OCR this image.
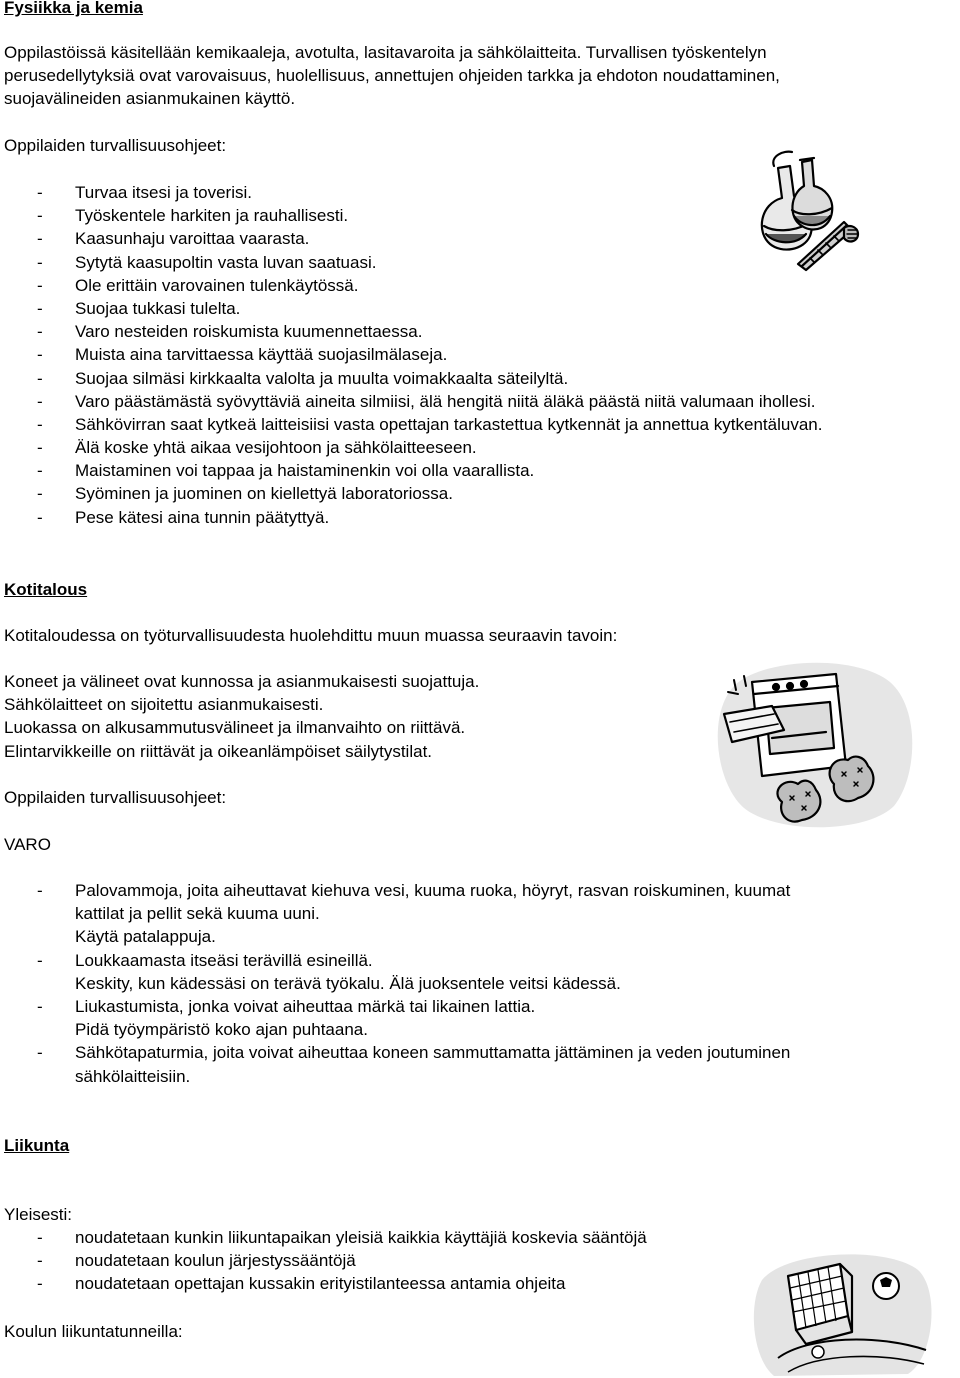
Fysiikka ja kemia
Oppilastöissä käsitellään kemikaaleja, avotulta, lasitavaroita ja sähkölaitteita. Turvallisen työskentelyn
perusedellytyksiä ovat varovaisuus, huolellisuus, annettujen ohjeiden tarkka ja ehdoton noudattaminen,
suojavälineiden asianmukainen käyttö.
Oppilaiden turvallisuusohjeet:
- Turvaa itsesi ja toverisi.
- Työskentele harkiten ja rauhallisesti.
- Kaasunhaju varoittaa vaarasta.
- Sytytä kaasupoltin vasta luvan saatuasi.
- Ole erittäin varovainen tulenkäytössä.
- Suojaa tukkasi tulelta.
- Varo nesteiden roiskumista kuumennettaessa.
- Muista aina tarvittaessa käyttää suojasilmälaseja.
- Suojaa silmäsi kirkkaalta valolta ja muulta voimakkaalta säteilyltä.
- Varo päästämästä syövyttäviä aineita silmiisi, älä hengitä niitä äläkä päästä niitä valumaan ihollesi.
- Sähkövirran saat kytkeä laitteisiisi vasta opettajan tarkastettua kytkennät ja annettua kytkentäluvan.
- Älä koske yhtä aikaa vesijohtoon ja sähkölaitteeseen.
- Maistaminen voi tappaa ja haistaminenkin voi olla vaarallista.
- Syöminen ja juominen on kiellettyä laboratoriossa.
- Pese kätesi aina tunnin päätyttyä.
Kotitalous
Kotitaloudessa on työturvallisuudesta huolehdittu muun muassa seuraavin tavoin:
Koneet ja välineet ovat kunnossa ja asianmukaisesti suojattuja.
Sähkölaitteet on sijoitettu asianmukaisesti.
Luokassa on alkusammutusvälineet ja ilmanvaihto on riittävä.
Elintarvikkeille on riittävät ja oikeanlämpöiset säilytystilat.
Oppilaiden turvallisuusohjeet:
VARO
- Palovammoja, joita aiheuttavat kiehuva vesi, kuuma ruoka, höyryt, rasvan roiskuminen, kuumat
kattilat ja pellit sekä kuuma uuni.
Käytä patalappuja.
- Loukkaamasta itseäsi terävillä esineillä.
Keskity, kun kädessäsi on terävä työkalu. Älä juoksentele veitsi kädessä.
- Liukastumista, jonka voivat aiheuttaa märkä tai likainen lattia.
Pidä työympäristö koko ajan puhtaana.
- Sähkötapaturmia, joita voivat aiheuttaa koneen sammuttamatta jättäminen ja veden joutuminen
sähkölaitteisiin.
Liikunta
Yleisesti:
- noudatetaan kunkin liikuntapaikan yleisiä kaikkia käyttäjiä koskevia sääntöjä
- noudatetaan koulun järjestyssääntöjä
- noudatetaan opettajan kussakin erityistilanteessa antamia ohjeita
Koulun liikuntatunneilla:
